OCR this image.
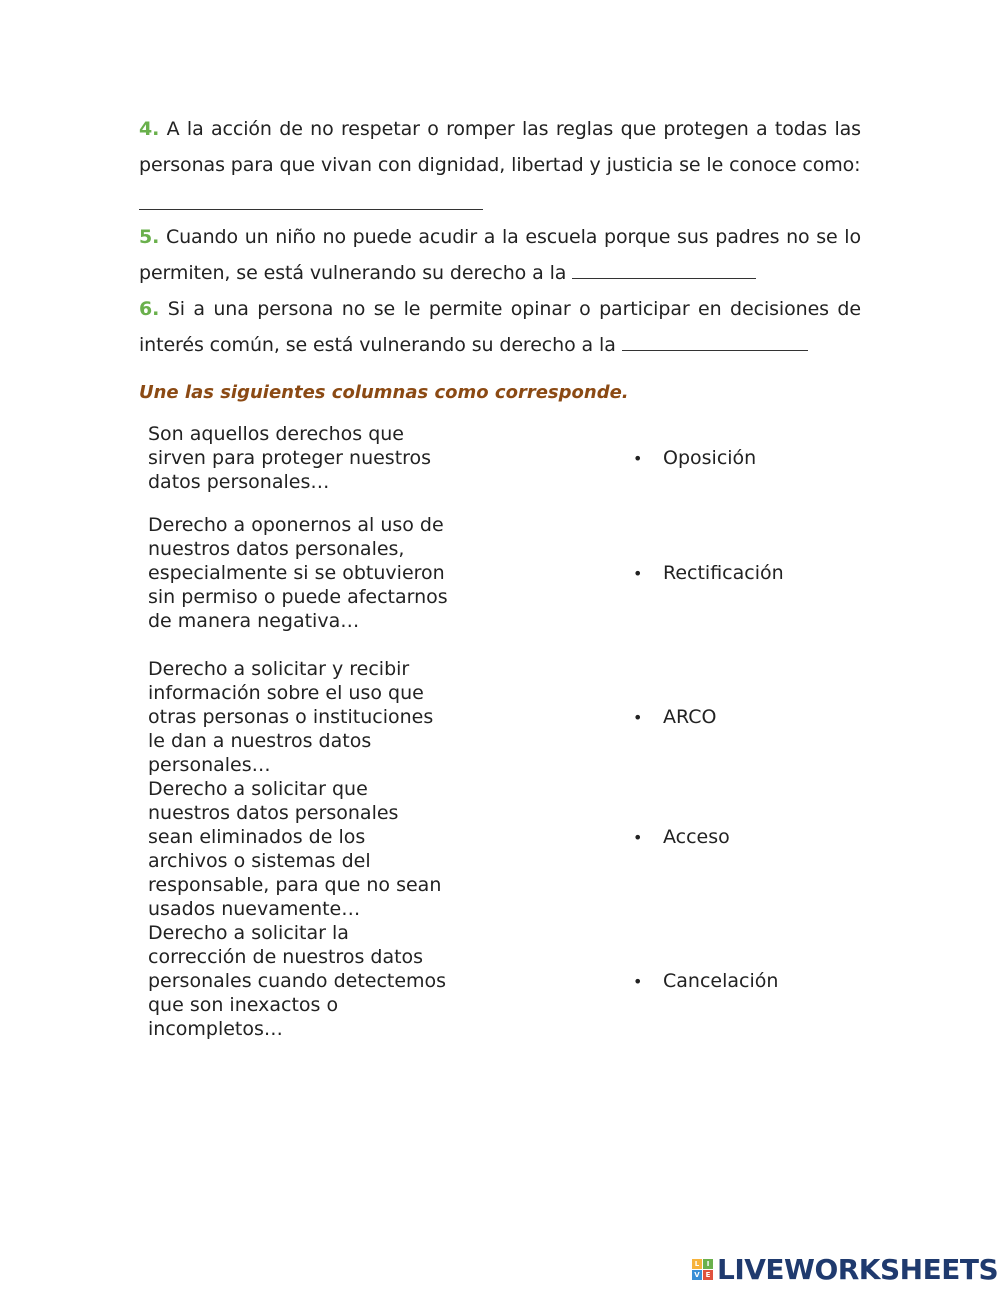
4. A la acción de no respetar o romper las reglas que protegen a todas las personas para que vivan con dignidad, libertad y justicia se le conoce como:
5. Cuando un niño no puede acudir a la escuela porque sus padres no se lo permiten, se está vulnerando su derecho a la
6. Si a una persona no se le permite opinar o participar en decisiones de interés común, se está vulnerando su derecho a la
Une las siguientes columnas como corresponde.
Son aquellos derechos que sirven para proteger nuestros datos personales…
Derecho a oponernos al uso de nuestros datos personales, especialmente si se obtuvieron sin permiso o puede afectarnos de manera negativa…
Derecho a solicitar y recibir información sobre el uso que otras personas o instituciones le dan a nuestros datos personales…
Derecho a solicitar que nuestros datos personales sean eliminados de los archivos o sistemas del responsable, para que no sean usados nuevamente…
Derecho a solicitar la corrección de nuestros datos personales cuando detectemos que son inexactos o incompletos…
• Oposición
• Rectificación
• ARCO
• Acceso
• Cancelación
L	I
V E LIVEWORKSHEETS
